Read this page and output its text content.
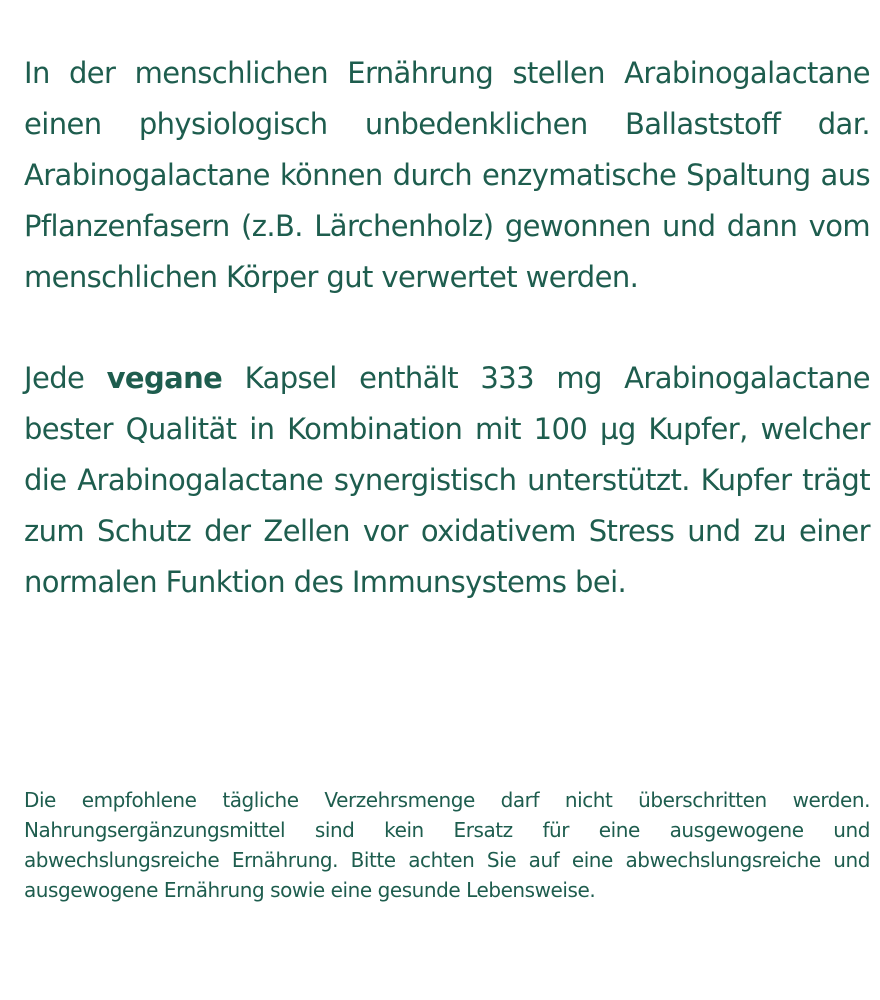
In der menschlichen Ernährung stellen Arabinogalactane einen physiologisch unbedenklichen Ballaststoff dar. Arabinogalactane können durch enzymatische Spaltung aus Pflanzenfasern (z.B. Lärchenholz) gewonnen und dann vom menschlichen Körper gut verwertet werden.

Jede vegane Kapsel enthält 333 mg Arabinogalactane bester Qualität in Kombination mit 100 µg Kupfer, welcher die Arabinogalactane synergistisch unterstützt. Kupfer trägt zum Schutz der Zellen vor oxidativem Stress und zu einer normalen Funktion des Immunsystems bei.

Die empfohlene tägliche Verzehrsmenge darf nicht überschritten werden. Nahrungsergänzungsmittel sind kein Ersatz für eine ausgewogene und abwechslungsreiche Ernährung. Bitte achten Sie auf eine abwechslungsreiche und ausgewogene Ernährung sowie eine gesunde Lebensweise.
